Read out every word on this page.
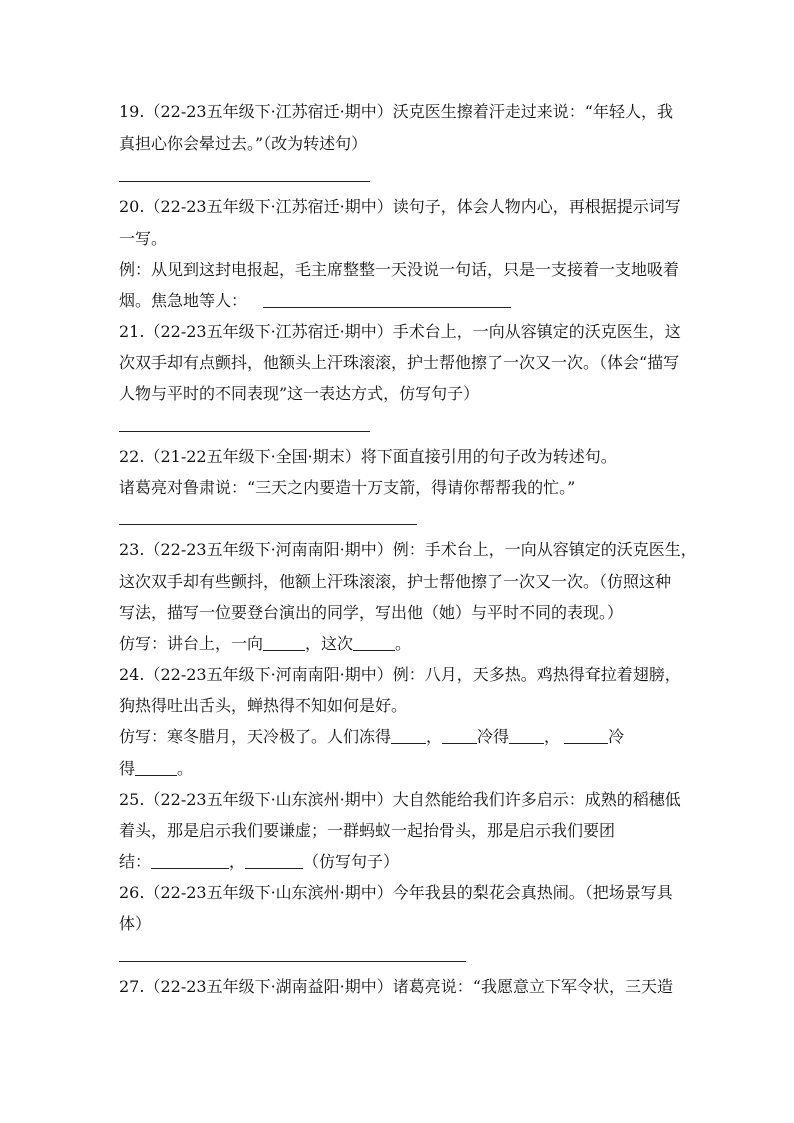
19.（22-23五年级下·江苏宿迁·期中）沃克医生擦着汗走过来说：“年轻人，我
真担心你会晕过去。”（改为转述句）
20.（22-23五年级下·江苏宿迁·期中）读句子，体会人物内心，再根据提示词写
一写。
例：从见到这封电报起，毛主席整整一天没说一句话，只是一支接着一支地吸着
烟。焦急地等人：
21.（22-23五年级下·江苏宿迁·期中）手术台上，一向从容镇定的沃克医生，这
次双手却有点颤抖，他额头上汗珠滚滚，护士帮他擦了一次又一次。（体会“描写
人物与平时的不同表现”这一表达方式，仿写句子）
22.（21-22五年级下·全国·期末）将下面直接引用的句子改为转述句。
诸葛亮对鲁肃说：“三天之内要造十万支箭，得请你帮帮我的忙。”
23.（22-23五年级下·河南南阳·期中）例：手术台上，一向从容镇定的沃克医生，
这次双手却有些颤抖，他额上汗珠滚滚，护士帮他擦了一次又一次。（仿照这种
写法，描写一位要登台演出的同学，写出他（她）与平时不同的表现。）
仿写：讲台上，一向	，这次	。
24.（22-23五年级下·河南南阳·期中）例：八月，天多热。鸡热得耷拉着翅膀，
狗热得吐出舌头，蝉热得不知如何是好。
仿写：寒冬腊月，天冷极了。人们冻得 ， 冷得 ，	冷
得	。
25.（22-23五年级下·山东滨州·期中）大自然能给我们许多启示：成熟的稻穗低
着头，那是启示我们要谦虚；一群蚂蚁一起抬骨头，那是启示我们要团
结：	，	（仿写句子）
26.（22-23五年级下·山东滨州·期中）今年我县的梨花会真热闹。（把场景写具
体）
27.（22-23五年级下·湖南益阳·期中）诸葛亮说：“我愿意立下军令状，三天造
